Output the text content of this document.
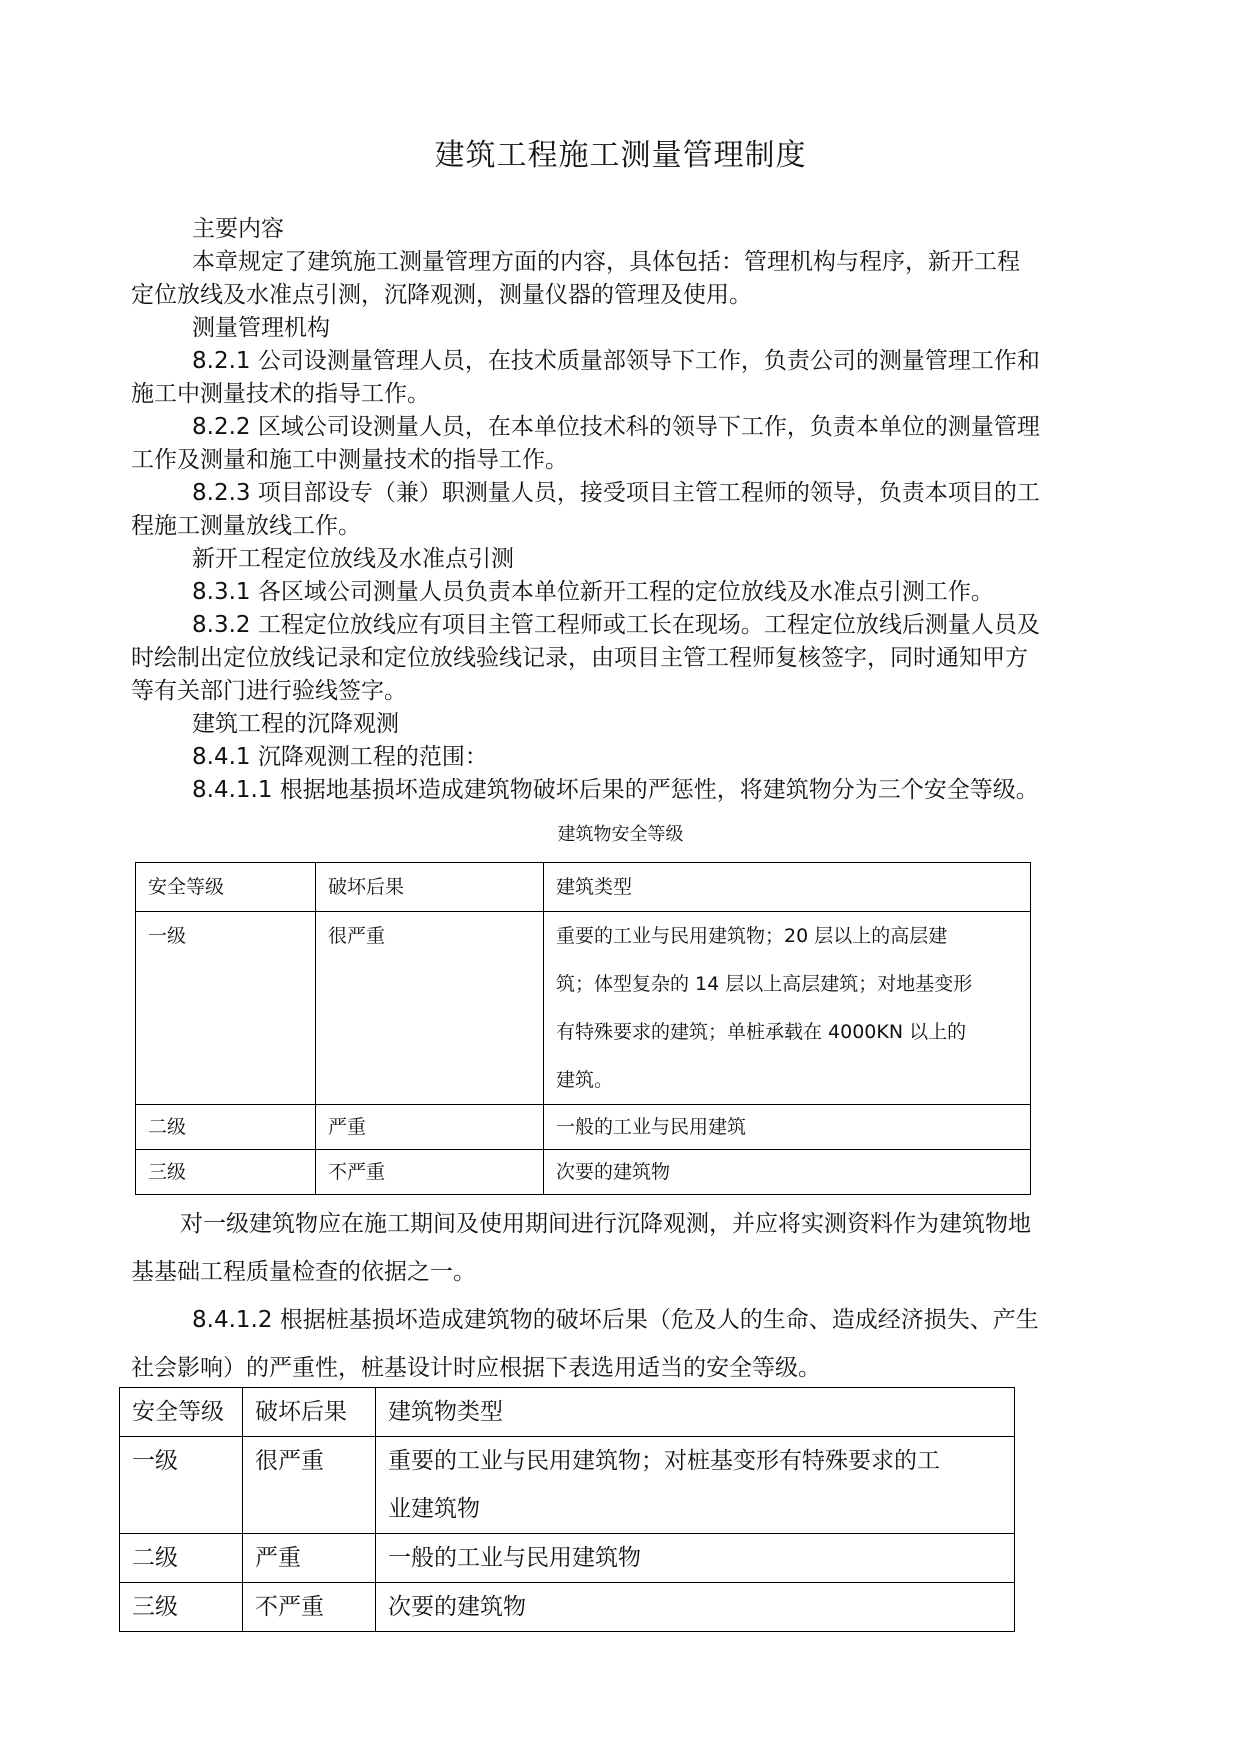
建筑工程施工测量管理制度
主要内容
本章规定了建筑施工测量管理方面的内容，具体包括：管理机构与程序，新开工程
定位放线及水准点引测，沉降观测，测量仪器的管理及使用。
测量管理机构
8.2.1 公司设测量管理人员，在技术质量部领导下工作，负责公司的测量管理工作和
施工中测量技术的指导工作。
8.2.2 区域公司设测量人员，在本单位技术科的领导下工作，负责本单位的测量管理
工作及测量和施工中测量技术的指导工作。
8.2.3 项目部设专（兼）职测量人员，接受项目主管工程师的领导，负责本项目的工
程施工测量放线工作。
新开工程定位放线及水准点引测
8.3.1 各区域公司测量人员负责本单位新开工程的定位放线及水准点引测工作。
8.3.2 工程定位放线应有项目主管工程师或工长在现场。工程定位放线后测量人员及
时绘制出定位放线记录和定位放线验线记录，由项目主管工程师复核签字，同时通知甲方
等有关部门进行验线签字。
建筑工程的沉降观测
8.4.1 沉降观测工程的范围：
8.4.1.1 根据地基损坏造成建筑物破坏后果的严惩性，将建筑物分为三个安全等级。
建筑物安全等级
安全等级	破坏后果	建筑类型
一级	很严重	重要的工业与民用建筑物；20 层以上的高层建
筑；体型复杂的 14 层以上高层建筑；对地基变形
有特殊要求的建筑；单桩承载在 4000KN 以上的
建筑。

二级	严重	一般的工业与民用建筑
三级	不严重	次要的建筑物
对一级建筑物应在施工期间及使用期间进行沉降观测，并应将实测资料作为建筑物地
基基础工程质量检查的依据之一。
8.4.1.2 根据桩基损坏造成建筑物的破坏后果（危及人的生命、造成经济损失、产生
社会影响）的严重性，桩基设计时应根据下表选用适当的安全等级。
安全等级	破坏后果	建筑物类型
一级	很严重	重要的工业与民用建筑物；对桩基变形有特殊要求的工
业建筑物

二级	严重	一般的工业与民用建筑物
三级	不严重	次要的建筑物
